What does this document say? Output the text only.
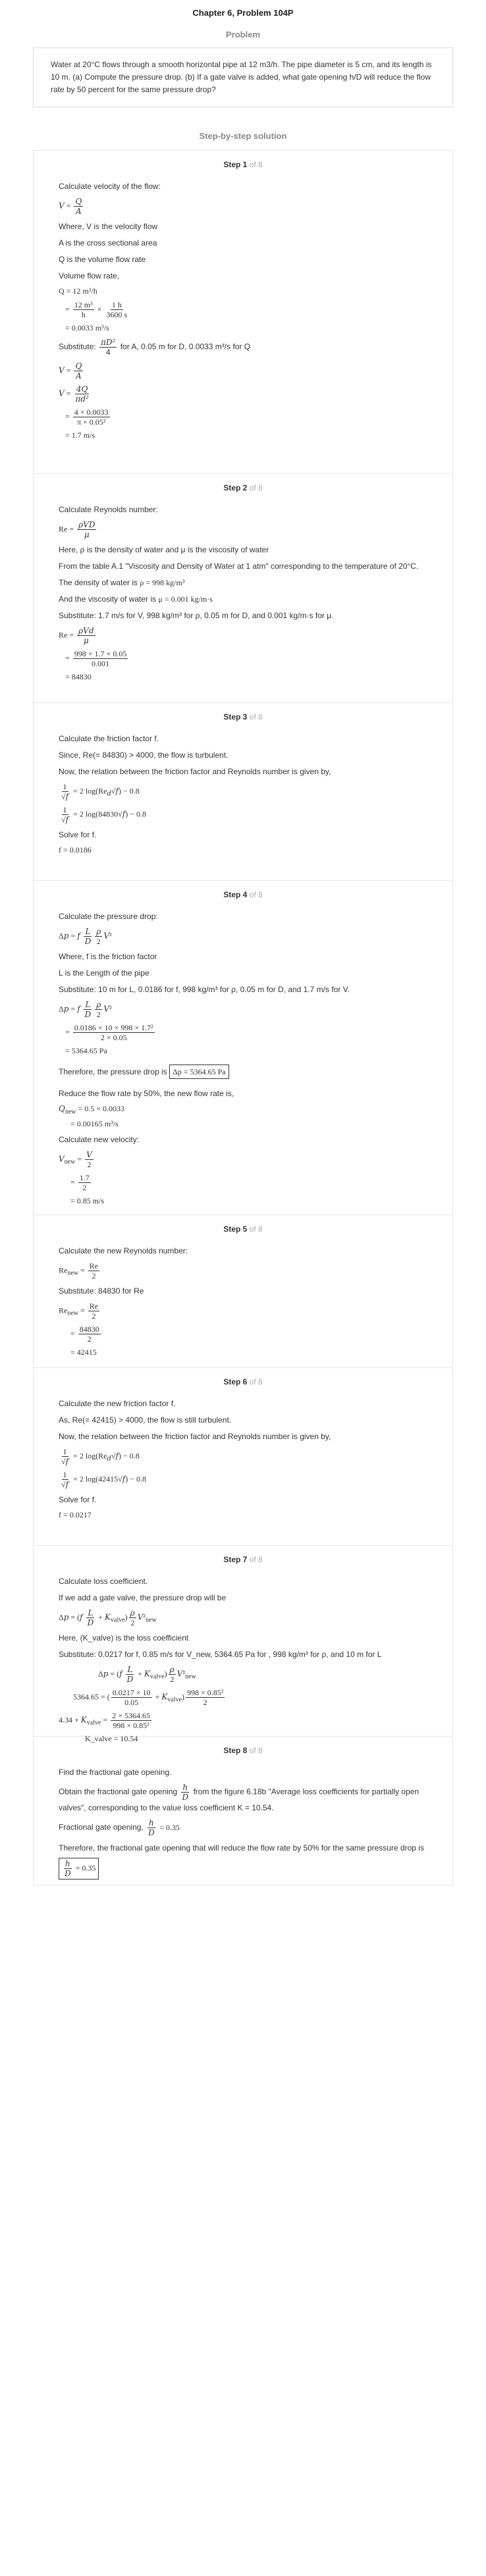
Chapter 6, Problem 104P
Problem
Water at 20°C flows through a smooth horizontal pipe at 12 m3/h. The pipe diameter is 5 cm, and its length is 10 m. (a) Compute the pressure drop. (b) If a gate valve is added, what gate opening h/D will reduce the flow rate by 50 percent for the same pressure drop?
Step-by-step solution
Step 1 of 8
Calculate velocity of the flow:
$V = \frac{Q}{A}$
Where, V is the velocity flow
A is the cross sectional area
Q is the volume flow rate
Volume flow rate,
Q = 12 m³/h
= $\frac{\text{12 m³}}{h} \times \frac{1 h}{3600 s}$
= 0.0033 m³/s
Substitute: $\frac{\text{πD²}}{4}$ for A, 0.05 m for D, 0.0033 m³/s for Q
$V = \frac{Q}{A}$
$V = \frac{4Q}{\text{πd²}}$
= $\frac{4 \times 0.0033}{\text{π × 0.05²}}$
= 1.7 m/s
Step 2 of 8
Calculate Reynolds number:
Re = ρVD
μ
Here, ρ is the density of water and μ is the viscosity of water
From the table A.1 "Viscosity and Density of Water at 1 atm" corresponding to the temperature of 20°C.
The density of water is ρ = 998 kg/m³
And the viscosity of water is μ = 0.001 kg/m·s
Substitute: 1.7 m/s for V, 998 kg/m³ for ρ, 0.05 m for D, and 0.001 kg/m·s for μ.
Re = ρVd
μ
= $\frac{998 \times 1.7 \times 0.05}{0.001}$
= 84830
Step 3 of 8
Calculate the friction factor f.
Since, Re(= 84830) > 4000, the flow is turbulent.
Now, the relation between the friction factor and Reynolds number is given by,
$\frac{1}{√f} = 2$ $\log(Re_d√f) - 0.8$
$\frac{1}{√f} = 2$ log(84830√f) − 0.8
Solve for f.
f = 0.0186
Step 4 of 8
Calculate the pressure drop:
Δp = f $\frac{L}{D} \frac{\rho}{2} V^2$
Where, f is the friction factor
L is the Length of the pipe
Substitute: 10 m for L, 0.0186 for f, 998 kg/m³ for ρ, 0.05 m for D, and 1.7 m/s for V.
Δp = f $\frac{L}{D} \frac{\rho}{2} V^2$
= $\frac{\text{0.0186 × 10 × 998 × 1.7²}}{2 \times 0.05}$
= 5364.65 Pa
Therefore, the pressure drop is Δp = 5364.65 Pa
Reduce the flow rate by 50%, the new flow rate is,
$Q_{new} = 0.5 \times 0.0033$
= 0.00165 m³/s
Calculate new velocity:
$V_{new} = \frac{V}{2}$
= $\frac{1.7}{2}$
= 0.85 m/s
Step 5 of 8
Calculate the new Reynolds number:
$Re_{new} = \frac{Re}{2}$
Substitute: 84830 for Re
$Re_{new} = \frac{Re}{2}$
= $\frac{84830}{2}$
= 42415
Step 6 of 8
Calculate the new friction factor f.
As, Re(= 42415) > 4000, the flow is still turbulent.
Now, the relation between the friction factor and Reynolds number is given by,
$\frac{1}{√f} = 2$ $\log(Re_d√f) - 0.8$
$\frac{1}{√f} = 2$ log(42415√f) − 0.8
Solve for f.
f = 0.0217
Step 7 of 8
Calculate loss coefficient.
If we add a gate valve, the pressure drop will be
$\Delta p = (f \frac{L}{D} + K_{valve}) \frac{\rho}{2} V^2_{new}$
Here, (K_valve) is the loss coefficient
Substitute: 0.0217 for f, 0.85 m/s for V_new, 5364.65 Pa for , 998 kg/m³ for ρ, and 10 m for L
$\Delta p = (f \frac{L}{D} + K_{valve}) \frac{\rho}{2} V^2_{new}$
5364.65 = ( $\frac{0.0217 \times 10}{0.05} + K_{valve}) \frac{\text{998 × 0.85²}}{2}$
$4.34 + K_{valve} = \frac{2 \times 5364.65}{\text{998 × 0.85²}}$
K_valve = 10.54
Step 8 of 8
Find the fractional gate opening.
Obtain the fractional gate opening $\frac{h}{D}$ from the figure 6.18b "Average loss coefficients for partially open valves", corresponding to the value loss coefficient K = 10.54.
Fractional gate opening, $\frac{h}{D} = 0.35$
Therefore, the fractional gate opening that will reduce the flow rate by 50% for the same pressure drop is
$\frac{h}{D} = 0.35$
